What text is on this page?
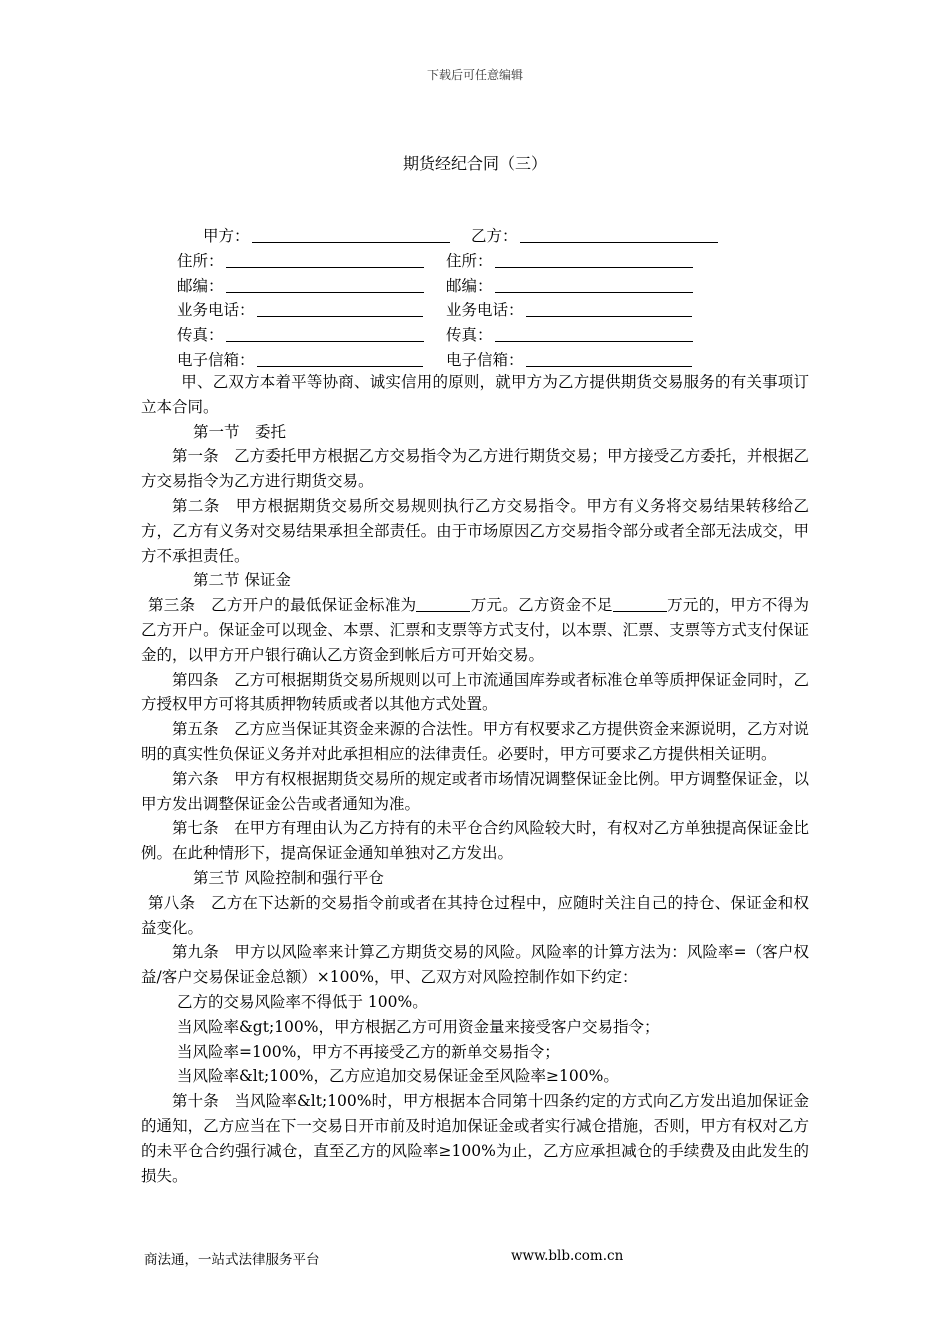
下载后可任意编辑
期货经纪合同（三）
甲方：	乙方：
住所：	住所：
邮编：	邮编：
业务电话：	业务电话：
传真：	传真：
电子信箱：	电子信箱：

甲、乙双方本着平等协商、诚实信用的原则，就甲方为乙方提供期货交易服务的有关事项订立本合同。

第一节　委托

第一条　乙方委托甲方根据乙方交易指令为乙方进行期货交易；甲方接受乙方委托，并根据乙方交易指令为乙方进行期货交易。

第二条　甲方根据期货交易所交易规则执行乙方交易指令。甲方有义务将交易结果转移给乙方，乙方有义务对交易结果承担全部责任。由于市场原因乙方交易指令部分或者全部无法成交，甲方不承担责任。

第二节 保证金

第三条　乙方开户的最低保证金标准为	万元。乙方资金不足	万元的，甲方不得为乙方开户。保证金可以现金、本票、汇票和支票等方式支付，以本票、汇票、支票等方式支付保证金的，以甲方开户银行确认乙方资金到帐后方可开始交易。

第四条　乙方可根据期货交易所规则以可上市流通国库券或者标准仓单等质押保证金同时，乙方授权甲方可将其质押物转质或者以其他方式处置。

第五条　乙方应当保证其资金来源的合法性。甲方有权要求乙方提供资金来源说明，乙方对说明的真实性负保证义务并对此承担相应的法律责任。必要时，甲方可要求乙方提供相关证明。

第六条　甲方有权根据期货交易所的规定或者市场情况调整保证金比例。甲方调整保证金，以甲方发出调整保证金公告或者通知为准。

第七条　在甲方有理由认为乙方持有的未平仓合约风险较大时，有权对乙方单独提高保证金比例。在此种情形下，提高保证金通知单独对乙方发出。

第三节 风险控制和强行平仓

第八条　乙方在下达新的交易指令前或者在其持仓过程中，应随时关注自己的持仓、保证金和权益变化。

第九条　甲方以风险率来计算乙方期货交易的风险。风险率的计算方法为：风险率=（客户权益/客户交易保证金总额）×100%，甲、乙双方对风险控制作如下约定：

乙方的交易风险率不得低于 100%。

当风险率&gt;100%，甲方根据乙方可用资金量来接受客户交易指令；

当风险率=100%，甲方不再接受乙方的新单交易指令；

当风险率&lt;100%，乙方应追加交易保证金至风险率≥100%。

第十条　当风险率&lt;100%时，甲方根据本合同第十四条约定的方式向乙方发出追加保证金的通知，乙方应当在下一交易日开市前及时追加保证金或者实行减仓措施，否则，甲方有权对乙方的未平仓合约强行减仓，直至乙方的风险率≥100%为止，乙方应承担减仓的手续费及由此发生的损失。

商法通，一站式法律服务平台	www.blb.com.cn
